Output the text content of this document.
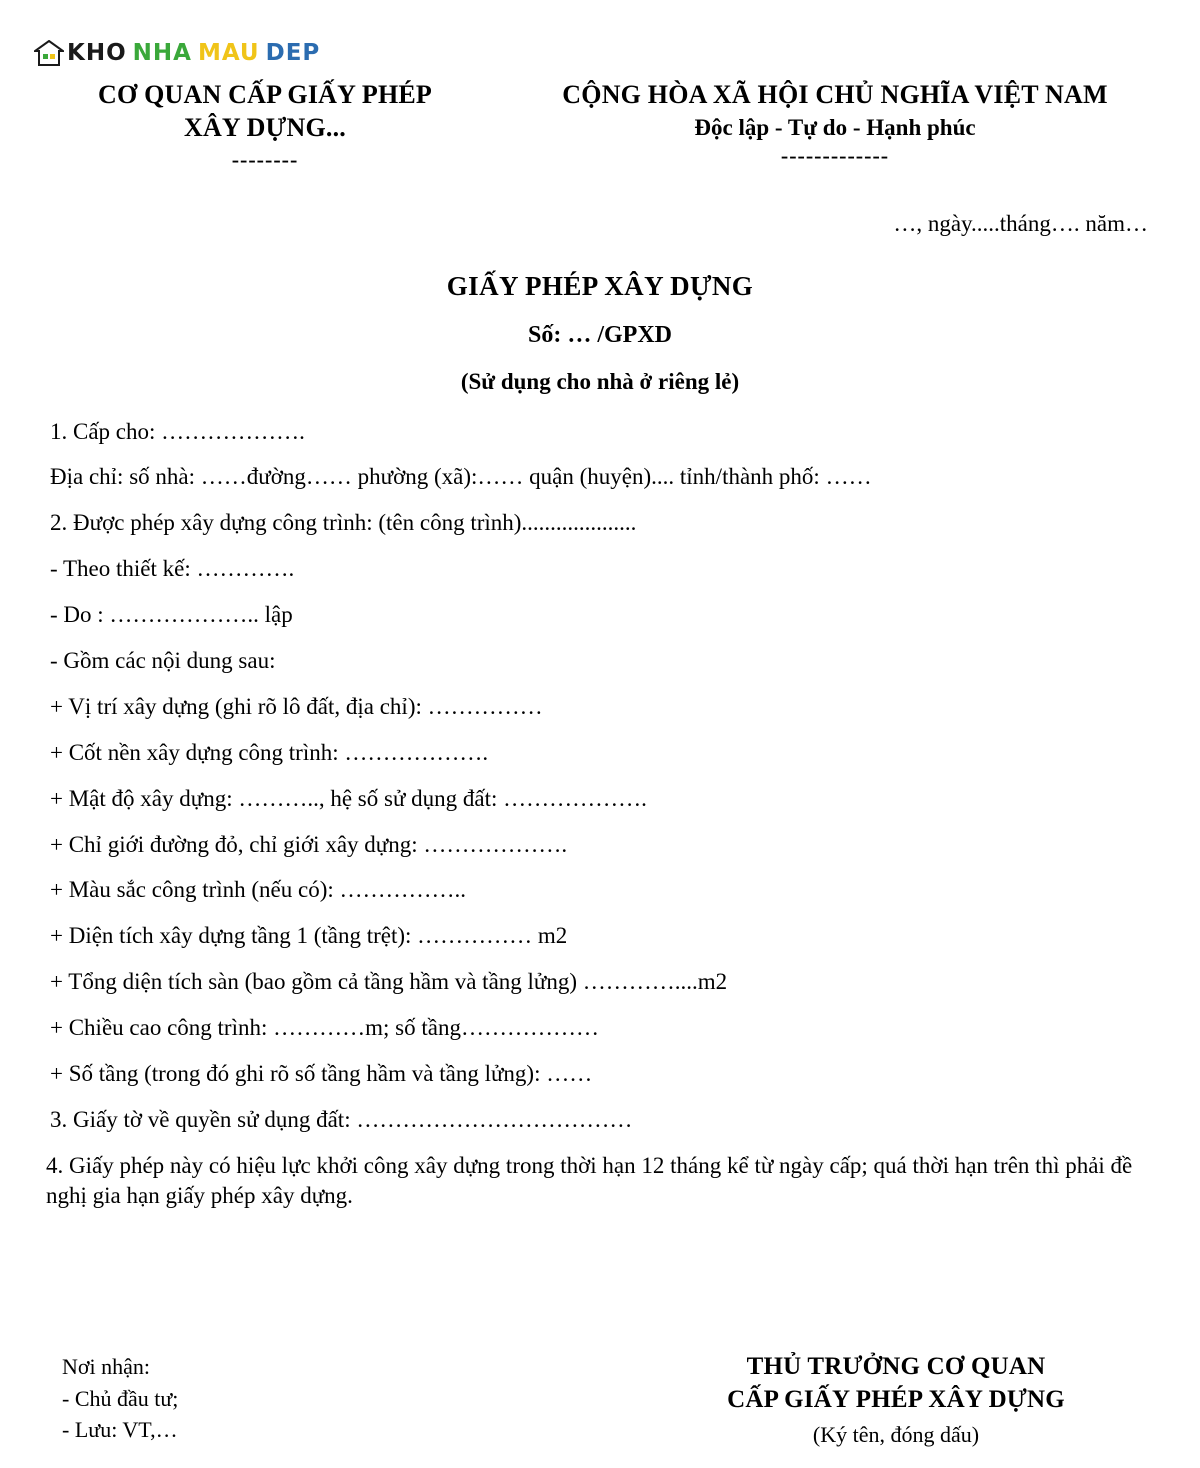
KHO NHA MAU DEP
CƠ QUAN CẤP GIẤY PHÉP
XÂY DỰNG...
--------
CỘNG HÒA XÃ HỘI CHỦ NGHĨA VIỆT NAM
Độc lập - Tự do - Hạnh phúc
-------------
…, ngày.....tháng…. năm…
GIẤY PHÉP XÂY DỰNG
Số: … /GPXD
(Sử dụng cho nhà ở riêng lẻ)

1. Cấp cho: ……………….

Địa chỉ: số nhà: ……đường…… phường (xã):…… quận (huyện).... tỉnh/thành phố: ……

2. Được phép xây dựng công trình: (tên công trình)....................

- Theo thiết kế: ………….

- Do : ……………….. lập

- Gồm các nội dung sau:

+ Vị trí xây dựng (ghi rõ lô đất, địa chỉ): ……………

+ Cốt nền xây dựng công trình: ……………….

+ Mật độ xây dựng: ……….., hệ số sử dụng đất: ……………….

+ Chỉ giới đường đỏ, chỉ giới xây dựng: ……………….

+ Màu sắc công trình (nếu có): ……………..

+ Diện tích xây dựng tầng 1 (tầng trệt): …………… m2

+ Tổng diện tích sàn (bao gồm cả tầng hầm và tầng lửng) …………....m2

+ Chiều cao công trình: …………m; số tầng………………

+ Số tầng (trong đó ghi rõ số tầng hầm và tầng lửng): ……

3. Giấy tờ về quyền sử dụng đất: ………………………………

4. Giấy phép này có hiệu lực khởi công xây dựng trong thời hạn 12 tháng kể từ ngày cấp; quá thời hạn trên thì phải đề nghị gia hạn giấy phép xây dựng.

Nơi nhận:
- Chủ đầu tư;
- Lưu: VT,…
THỦ TRƯỞNG CƠ QUAN
CẤP GIẤY PHÉP XÂY DỰNG
(Ký tên, đóng dấu)
